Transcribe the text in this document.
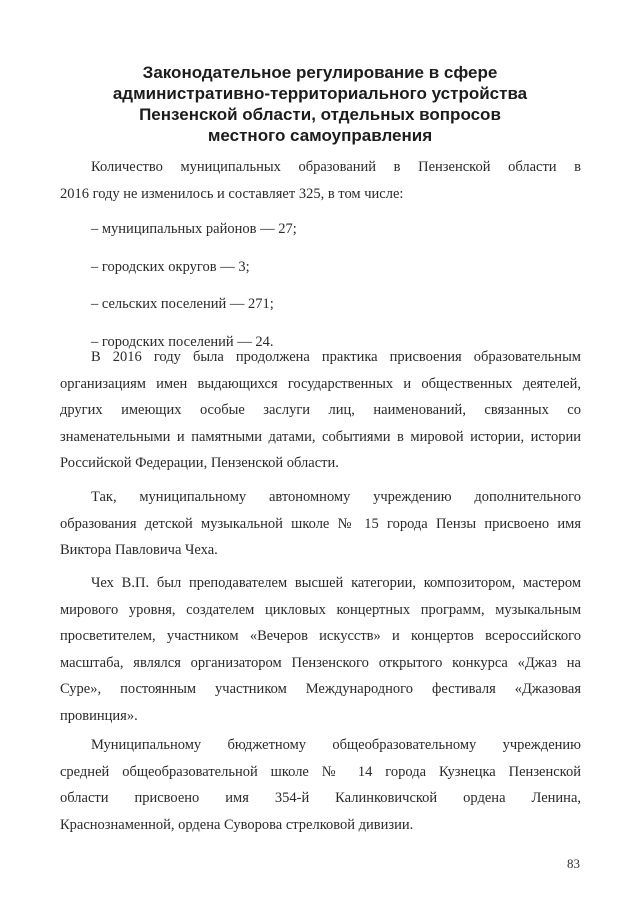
Законодательное регулирование в сфере
административно-территориального устройства
Пензенской области, отдельных вопросов
местного самоуправления
Количество муниципальных образований в Пензенской области в
2016 году не изменилось и составляет 325, в том числе:

– муниципальных районов — 27;

– городских округов — 3;

– сельских поселений — 271;

– городских поселений — 24.

В 2016 году была продолжена практика присвоения образовательным
организациям имен выдающихся государственных и общественных деятелей,
других имеющих особые заслуги лиц, наименований, связанных со
знаменательными и памятными датами, событиями в мировой истории, истории
Российской Федерации, Пензенской области.
Так, муниципальному автономному учреждению дополнительного
образования детской музыкальной школе № 15 города Пензы присвоено имя
Виктора Павловича Чеха.
Чех В.П. был преподавателем высшей категории, композитором, мастером
мирового уровня, создателем цикловых концертных программ, музыкальным
просветителем, участником «Вечеров искусств» и концертов всероссийского
масштаба, являлся организатором Пензенского открытого конкурса «Джаз на
Суре», постоянным участником Международного фестиваля «Джазовая
провинция».
Муниципальному бюджетному общеобразовательному учреждению
средней общеобразовательной школе № 14 города Кузнецка Пензенской
области присвоено имя 354-й Калинковичской ордена Ленина,
Краснознаменной, ордена Суворова стрелковой дивизии.
83
